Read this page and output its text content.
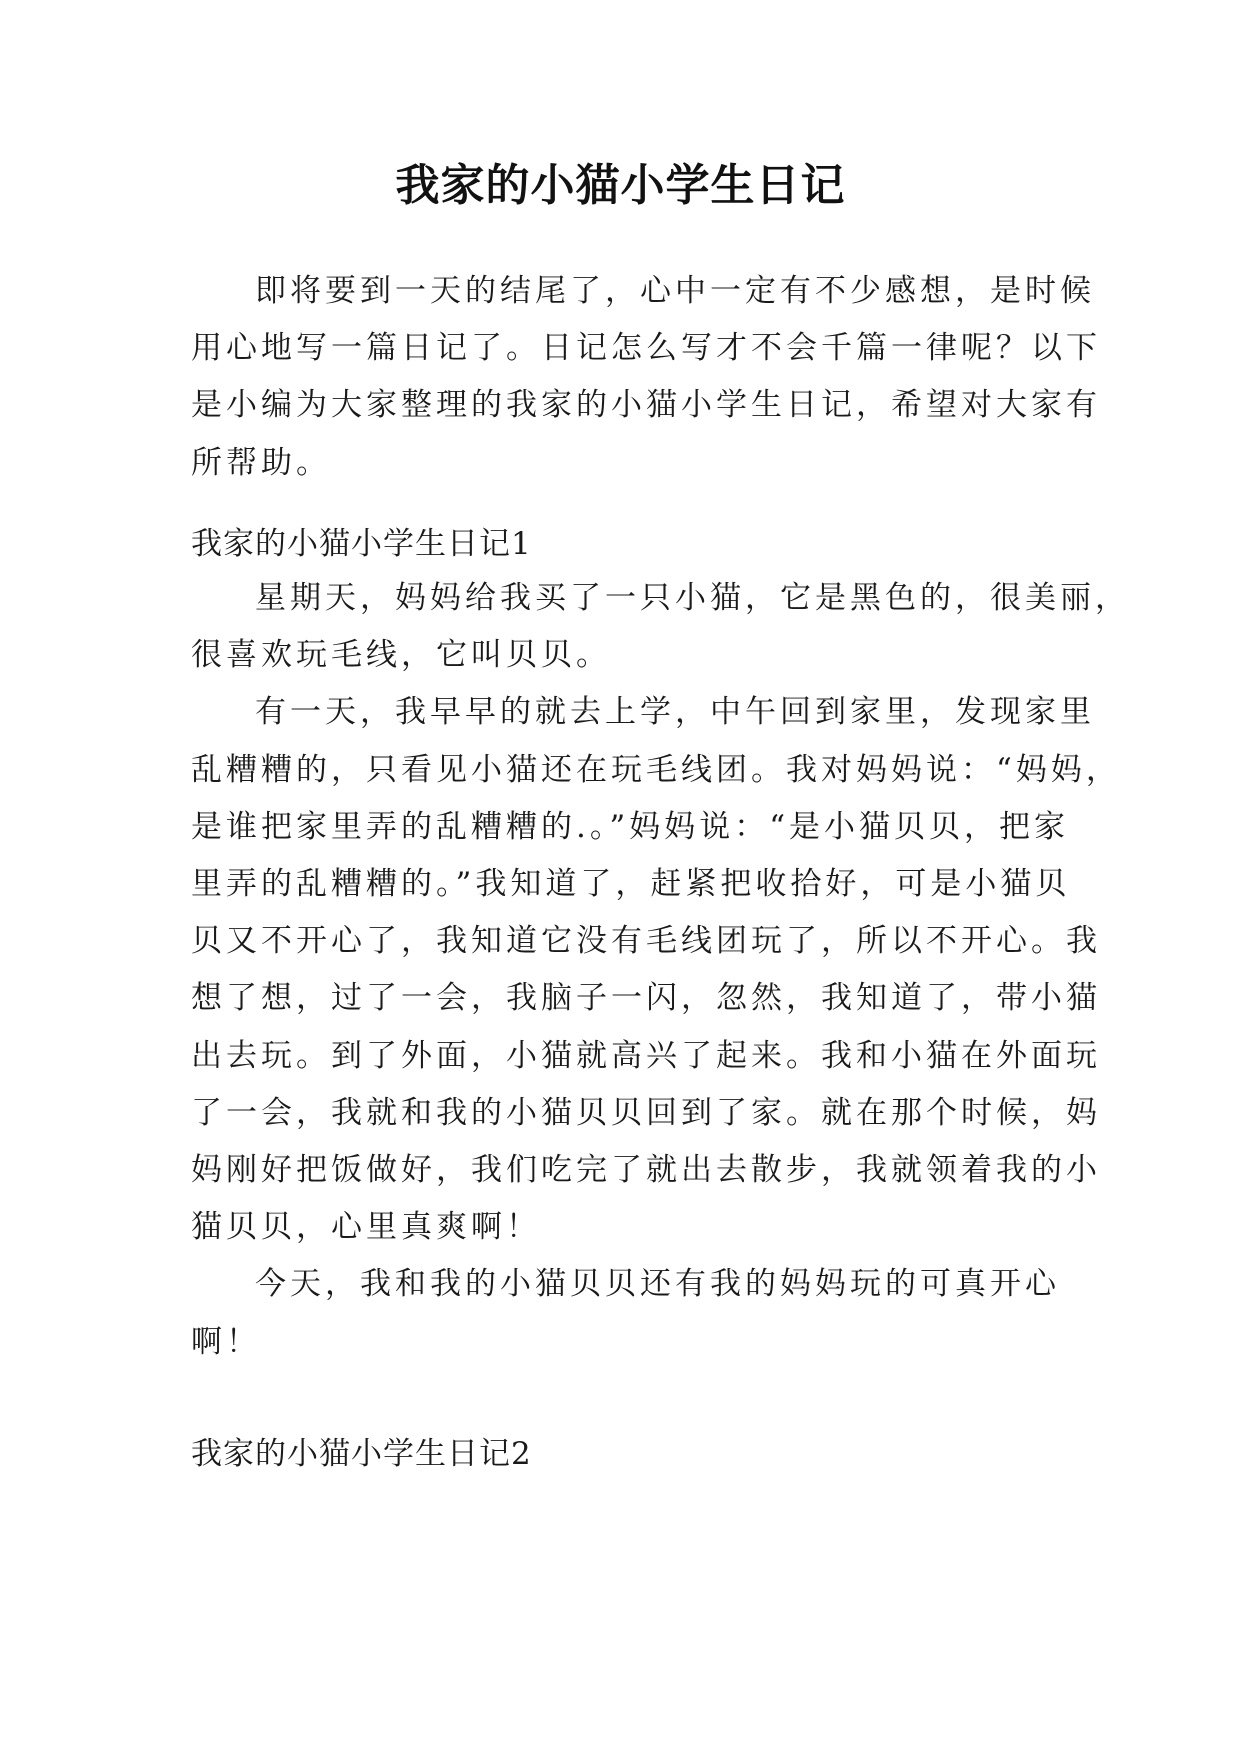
我家的小猫小学生日记
即将要到一天的结尾了，心中一定有不少感想，是时候
用心地写一篇日记了。日记怎么写才不会千篇一律呢？以下
是小编为大家整理的我家的小猫小学生日记，希望对大家有
所帮助。
我家的小猫小学生日记1
星期天，妈妈给我买了一只小猫，它是黑色的，很美丽，
很喜欢玩毛线，它叫贝贝。
有一天，我早早的就去上学，中午回到家里，发现家里
乱糟糟的，只看见小猫还在玩毛线团。我对妈妈说：“妈妈，
是谁把家里弄的乱糟糟的.。”妈妈说：“是小猫贝贝，把家
里弄的乱糟糟的。”我知道了，赶紧把收拾好，可是小猫贝
贝又不开心了，我知道它没有毛线团玩了，所以不开心。我
想了想，过了一会，我脑子一闪，忽然，我知道了，带小猫
出去玩。到了外面，小猫就高兴了起来。我和小猫在外面玩
了一会，我就和我的小猫贝贝回到了家。就在那个时候，妈
妈刚好把饭做好，我们吃完了就出去散步，我就领着我的小
猫贝贝，心里真爽啊！
今天，我和我的小猫贝贝还有我的妈妈玩的可真开心
啊！
我家的小猫小学生日记2
